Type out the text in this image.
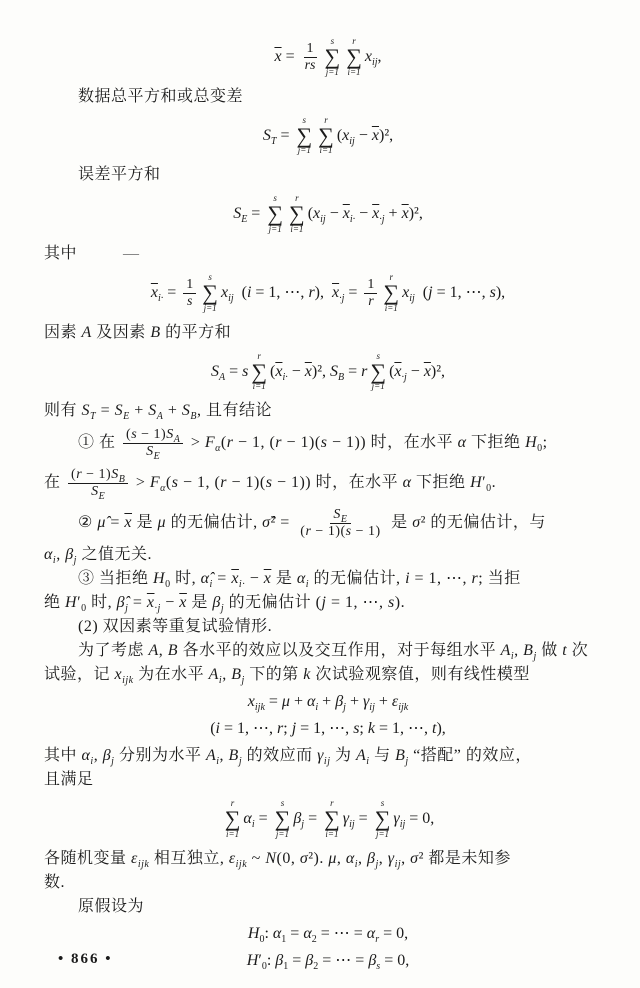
$\overline{x} = \frac{1}{rs}$ s
∑
j=1
r
∑
i=1
$x_{ij}$,
数据总平方和或总变差
$S_T$ =
s
∑
j=1
r
∑
i=1
$(x_{ij} - \overline{x})^2$,
误差平方和
$S_E$ =
s
∑
j=1
r
∑
i=1
$(x_{ij} - \overline{x}_{i\cdot} - \overline{x}_{\cdot j} + \overline{x})^2$,
其中	—
$\overline{x}_{i\cdot} = \frac{1}{s}$ s
∑
j=1
$x_{ij}$  (i = 1, ⋯, r),  $\overline{x}_{\cdot j} = \frac{1}{r}$ r
∑
i=1
$x_{ij}$  (j = 1, ⋯, s),
因素 A 及因素 B 的平方和
$S_A = s$
r
∑
i=1
$(\overline{x}_{i\cdot} - \overline{x})^2$, $S_B = r$
s
∑
j=1
$(\overline{x}_{\cdot j} - \overline{x})^2$,
则有 $S_T = S_E + S_A + S_B$, 且有结论
① 在 $\frac{(s - 1)S_A}{S_E} > F_\alpha(r - 1$, (r − 1)(s − 1)) 时，在水平 α 下拒绝 $H_0$;
在 $\frac{(r - 1)S_B}{S_E} > F_\alpha(s - 1$, (r − 1)(s − 1)) 时，在水平 α 下拒绝 $H'_0$.
② μ̂ = $\overline{x}$ 是 μ 的无偏估计, σ̂² = $\frac{S_E}{(r - 1)(s - 1)}$ 是 σ² 的无偏估计，与
$\alpha_i$, $\beta_j$ 之值无关.
③ 当拒绝 $H_0$ 时, $\alphâ_i = \overline{x}_{i\cdot} - \overline{x}$ 是 $\alpha_i$ 的无偏估计, i = 1, ⋯, r; 当拒
绝 $H'_0$ 时, $\betâ_j = \overline{x}_{\cdot j} - \overline{x}$ 是 $\beta_j$ 的无偏估计 (j = 1, ⋯, s).
(2) 双因素等重复试验情形.
为了考虑 A, B 各水平的效应以及交互作用，对于每组水平 $A_i$, $B_j$ 做 t 次
试验，记 $x_{ijk}$ 为在水平 $A_i$, $B_j$ 下的第 k 次试验观察值，则有线性模型
$x_{ijk} = \mu + \alpha_i + \beta_j + \gamma_{ij} + \varepsilon_{ijk}$
(i = 1, ⋯, r; j = 1, ⋯, s; k = 1, ⋯, t),
其中 $\alpha_i$, $\beta_j$ 分别为水平 $A_i$, $B_j$ 的效应而 $\gamma_{ij}$ 为 $A_i$ 与 $B_j$ “搭配” 的效应，
且满足
r
∑
i=1
$\alpha_i$ =
s
∑
j=1
$\beta_j$ =
r
∑
i=1
$\gamma_{ij}$ =
s
∑
j=1
$\gamma_{ij} = 0$,
各随机变量 $\varepsilon_{ijk}$ 相互独立, $\varepsilon_{ijk}$ ~ N(0, σ²). μ, $\alpha_i$, $\beta_j$, $\gamma_{ij}$, σ² 都是未知参
数.
原假设为
$H_0$: $\alpha_1 = \alpha_2$ = ⋯ = $\alpha_r = 0$,
$H'_0$: $\beta_1 = \beta_2$ = ⋯ = $\beta_s = 0$,
• 866 •
